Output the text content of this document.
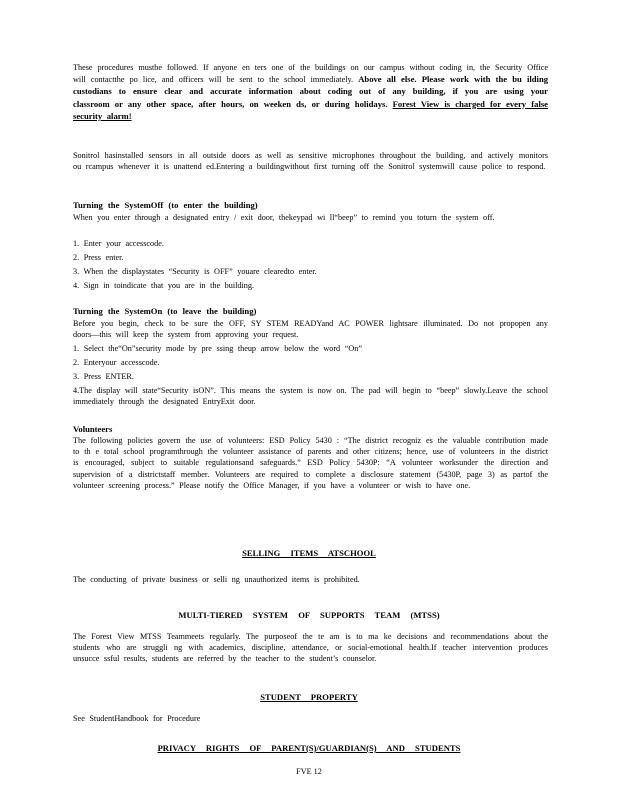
These procedures mustbe followed. If anyone en ters one of the buildings on our campus without coding in, the Security Office will contactthe po lice, and officers will be sent to the school immediately. Above all else. Please work with the bu ilding custodians to ensure clear and accurate information about coding out of any building, if you are using your classroom or any other space, after hours, on weeken ds, or during holidays. Forest View is charged for every false security alarm!
Sonitrol hasinstalled sensors in all outside doors as well as sensitive microphones throughout the building, and actively monitors ou rcampus whenever it is unattend ed.Entering a buildingwithout first turning off the Sonitrol systemwill cause police to respond.
Turning the SystemOff (to enter the building)
When you enter through a designated entry / exit door, thekeypad wi ll“beep” to remind you toturn the system off.
1. Enter your accesscode.
2. Press enter.
3. When the displaystates “Security is OFF” youare clearedto enter.
4. Sign in toindicate that you are in the building.
Turning the SystemOn (to leave the building)
Before you begin, check to be sure the OFF, SY STEM READYand AC POWER lightsare illuminated. Do not propopen any doors—this will keep the system from approving your request.
1. Select the“On”security mode by pre ssing theup arrow below the word “On”
2. Enteryour accesscode.
3. Press ENTER.
4.The display will state“Security isON”. This means the system is now on. The pad will begin to “beep” slowly.Leave the school immediately through the designated EntryExit door.
Volunteers
The following policies govern the use of volunteers: ESD Policy 5430 : “The district recogniz es the valuable contribution made to th e total school programthrough the volunteer assistance of parents and other citizens; hence, use of volunteers in the district is encouraged, subject to suitable regulationsand safeguards.” ESD Policy 5430P: “A volunteer worksunder the direction and supervision of a districtstaff member. Volunteers are required to complete a disclosure statement (5430P, page 3) as partof the volunteer screening process.” Please notify the Office Manager, if you have a volunteer or wish to have one.
SELLING ITEMS ATSCHOOL
The conducting of private business or selli ng unauthorized items is prohibited.
MULTI-TIERED SYSTEM OF SUPPORTS TEAM (MTSS)
The Forest View MTSS Teammeets regularly. The purposeof the te am is to ma ke decisions and recommendations about the students who are struggli ng with academics, discipline, attendance, or social-emotional health.If teacher intervention produces unsucce ssful results, students are referred by the teacher to the student’s counselor.
STUDENT PROPERTY
See StudentHandbook for Procedure
PRIVACY RIGHTS OF PARENT(S)/GUARDIAN(S) AND STUDENTS
FVE 12
